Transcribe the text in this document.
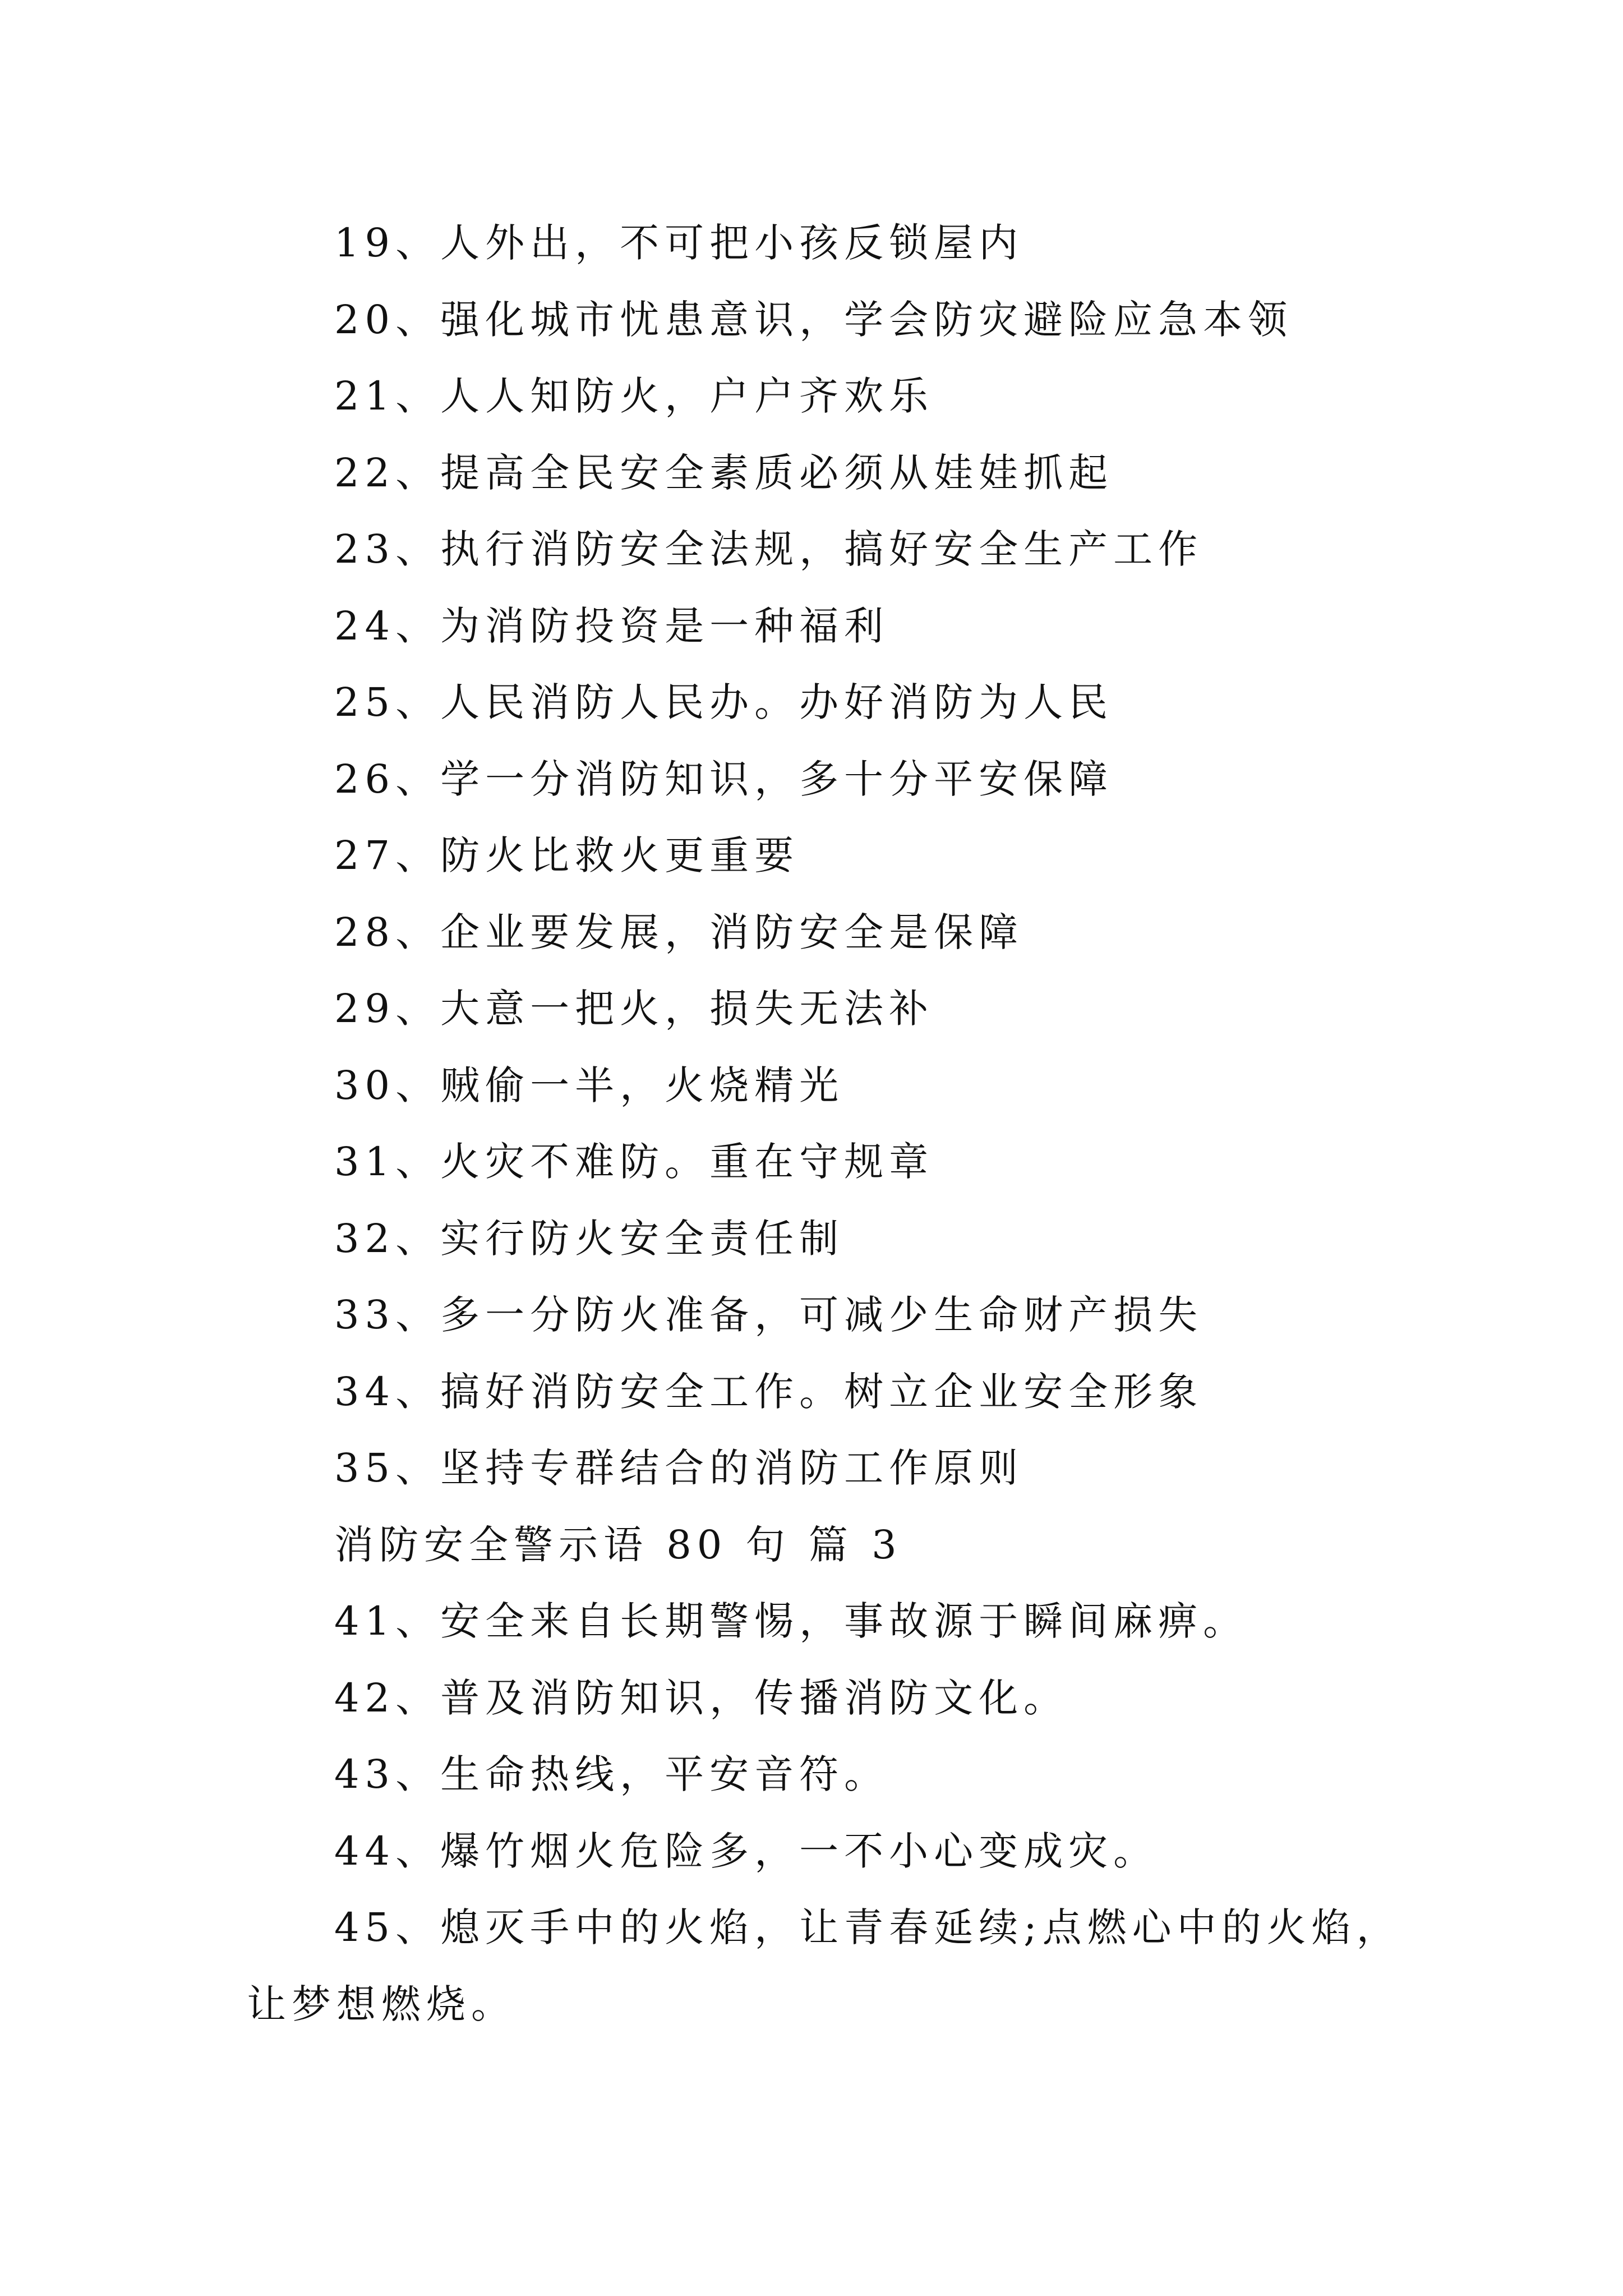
19、人外出，不可把小孩反锁屋内
20、强化城市忧患意识，学会防灾避险应急本领
21、人人知防火，户户齐欢乐
22、提高全民安全素质必须从娃娃抓起
23、执行消防安全法规，搞好安全生产工作
24、为消防投资是一种福利
25、人民消防人民办。办好消防为人民
26、学一分消防知识，多十分平安保障
27、防火比救火更重要
28、企业要发展，消防安全是保障
29、大意一把火，损失无法补
30、贼偷一半，火烧精光
31、火灾不难防。重在守规章
32、实行防火安全责任制
33、多一分防火准备，可减少生命财产损失
34、搞好消防安全工作。树立企业安全形象
35、坚持专群结合的消防工作原则
消防安全警示语 80 句 篇 3
41、安全来自长期警惕，事故源于瞬间麻痹。
42、普及消防知识，传播消防文化。
43、生命热线，平安音符。
44、爆竹烟火危险多，一不小心变成灾。
45、熄灭手中的火焰，让青春延续;点燃心中的火焰，
让梦想燃烧。
